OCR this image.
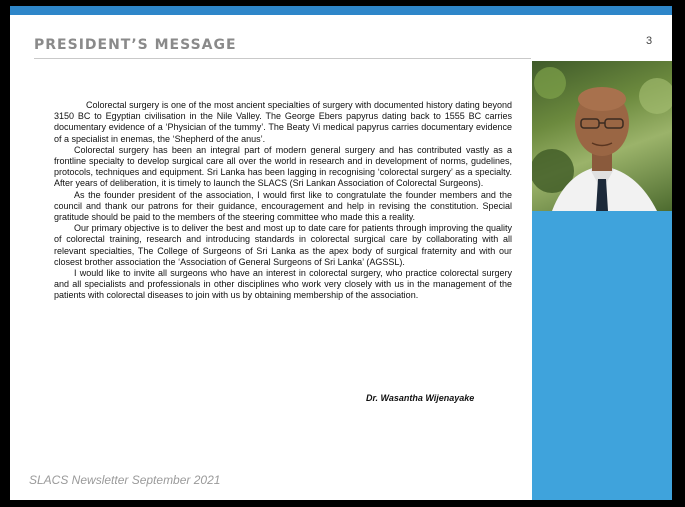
PRESIDENT’S MESSAGE	3

Colorectal surgery is one of the most ancient specialties of surgery with documented history dating beyond 3150 BC to Egyptian civilisation in the Nile Valley. The George Ebers papyrus dating back to 1555 BC carries documentary evidence of a ‘Physician of the tummy’. The Beaty Vi medical papyrus carries documentary evidence of a specialist in enemas, the ‘Shepherd of the anus’.

Colorectal surgery has been an integral part of modern general surgery and has contributed vastly as a frontline specialty to develop surgical care all over the world in research and in development of norms, gudelines, protocols, techniques and equipment. Sri Lanka has been lagging in recognising ‘colorectal surgery’ as a specialty. After years of deliberation, it is timely to launch the SLACS (Sri Lankan Association of Colorectal Surgeons).

As the founder president of the association, I would first like to congratulate the founder members and the council and thank our patrons for their guidance, encouragement and help in revising the constitution. Special gratitude should be paid to the members of the steering committee who made this a reality.

Our primary objective is to deliver the best and most up to date care for patients through improving the quality of colorectal training, research and introducing standards in colorectal surgical care by collaborating with all relevant specialties, The College of Surgeons of Sri Lanka as the apex body of surgical fraternity and with our closest brother association the ‘Association of General Surgeons of Sri Lanka’ (AGSSL).

I would like to invite all surgeons who have an interest in colorectal surgery, who practice colorectal surgery and all specialists and professionals in other disciplines who work very closely with us in the management of the patients with colorectal diseases to join with us by obtaining membership of the association.

Dr. Wasantha Wijenayake
SLACS Newsletter September 2021
